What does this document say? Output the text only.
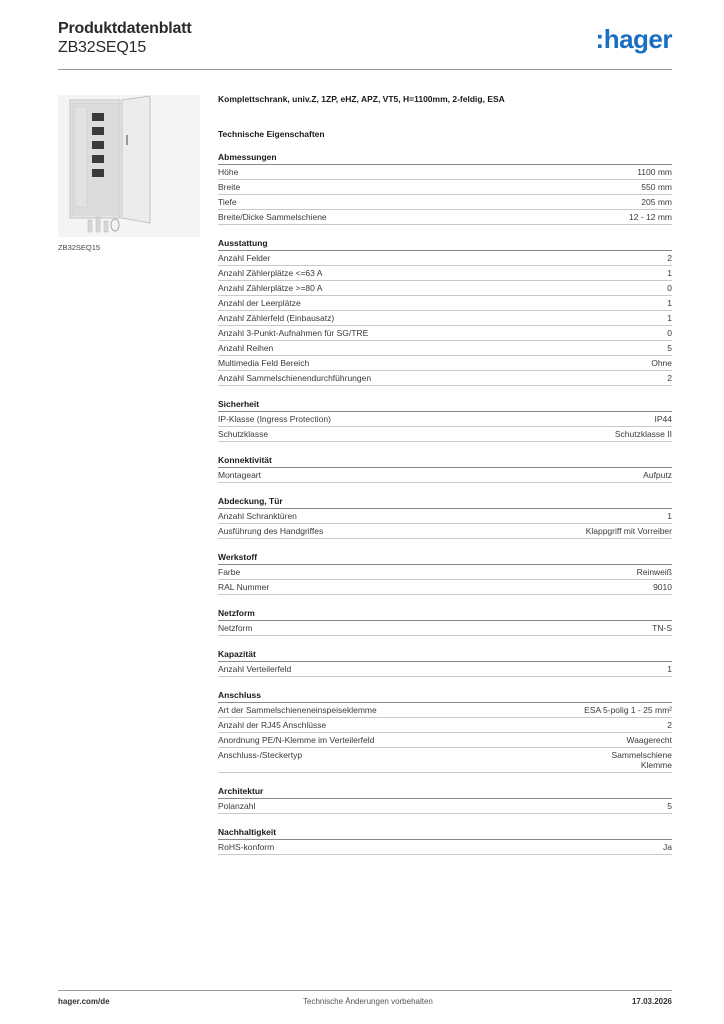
Produktdatenblatt
ZB32SEQ15	:hager
ZB32SEQ15
Komplettschrank, univ.Z, 1ZP, eHZ, APZ, VT5, H=1100mm, 2-feldig, ESA
Technische Eigenschaften
Abmessungen
Höhe	1100 mm
Breite	550 mm
Tiefe	205 mm
Breite/Dicke Sammelschiene	12 - 12 mm
Ausstattung
Anzahl Felder	2
Anzahl Zählerplätze <=63 A	1
Anzahl Zählerplätze >=80 A	0
Anzahl der Leerplätze	1
Anzahl Zählerfeld (Einbausatz)	1
Anzahl 3-Punkt-Aufnahmen für SG/TRE	0
Anzahl Reihen	5
Multimedia Feld Bereich	Ohne
Anzahl Sammelschienendurchführungen	2
Sicherheit
IP-Klasse (Ingress Protection)	IP44
Schutzklasse	Schutzklasse II
Konnektivität
Montageart	Aufputz
Abdeckung, Tür
Anzahl Schranktüren	1
Ausführung des Handgriffes	Klappgriff mit Vorreiber
Werkstoff
Farbe	Reinweiß
RAL Nummer	9010
Netzform
Netzform	TN-S
Kapazität
Anzahl Verteilerfeld	1
Anschluss
Art der Sammelschieneneinspeiseklemme	ESA 5-polig 1 - 25 mm²
Anzahl der RJ45 Anschlüsse	2
Anordnung PE/N-Klemme im Verteilerfeld	Waagerecht
Anschluss-/Steckertyp	Sammelschiene
Klemme
Architektur
Polanzahl	5
Nachhaltigkeit
RoHS-konform	Ja
hager.com/de	Technische Änderungen vorbehalten	17.03.2026
